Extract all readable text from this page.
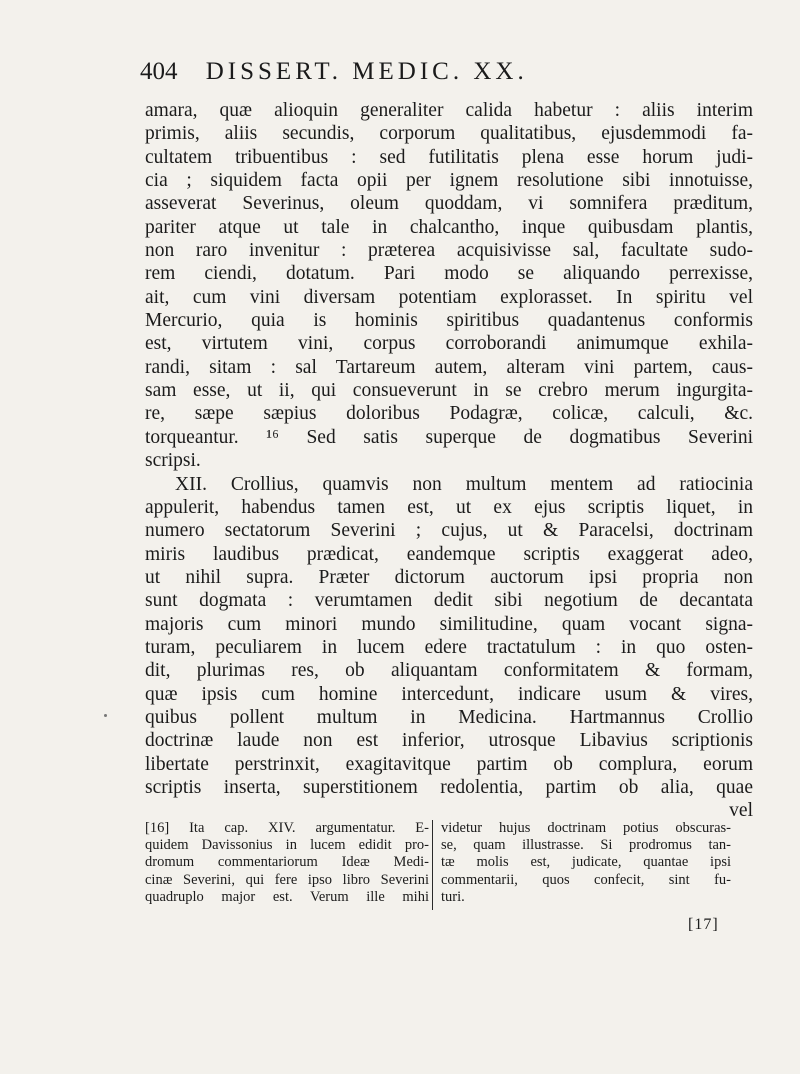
404 DISSERT. MEDIC. XX.
amara, quæ alioquin generaliter calida habetur : aliis interim
primis, aliis secundis, corporum qualitatibus, ejusdemmodi fa-
cultatem tribuentibus : sed futilitatis plena esse horum judi-
cia ; siquidem facta opii per ignem resolutione sibi innotuisse,
asseverat Severinus, oleum quoddam, vi somnifera præditum,
pariter atque ut tale in chalcantho, inque quibusdam plantis,
non raro invenitur : præterea acquisivisse sal, facultate sudo-
rem ciendi, dotatum. Pari modo se aliquando perrexisse,
ait, cum vini diversam potentiam explorasset. In spiritu vel
Mercurio, quia is hominis spiritibus quadantenus conformis
est, virtutem vini, corpus corroborandi animumque exhila-
randi, sitam : sal Tartareum autem, alteram vini partem, caus-
sam esse, ut ii, qui consueverunt in se crebro merum ingurgita-
re, sæpe sæpius doloribus Podagræ, colicæ, calculi, &c.
torqueantur. ¹⁶ Sed satis superque de dogmatibus Severini
scripsi.
XII. Crollius, quamvis non multum mentem ad ratiocinia
appulerit, habendus tamen est, ut ex ejus scriptis liquet, in
numero sectatorum Severini ; cujus, ut & Paracelsi, doctrinam
miris laudibus prædicat, eandemque scriptis exaggerat adeo,
ut nihil supra. Præter dictorum auctorum ipsi propria non
sunt dogmata : verumtamen dedit sibi negotium de decantata
majoris cum minori mundo similitudine, quam vocant signa-
turam, peculiarem in lucem edere tractatulum : in quo osten-
dit, plurimas res, ob aliquantam conformitatem & formam,
quæ ipsis cum homine intercedunt, indicare usum & vires,
quibus pollent multum in Medicina. Hartmannus Crollio
doctrinæ laude non est inferior, utrosque Libavius scriptionis
libertate perstrinxit, exagitavitque partim ob complura, eorum
scriptis inserta, superstitionem redolentia, partim ob alia, quae
vel
[16] Ita cap. XIV. argumentatur. E-
quidem Davissonius in lucem edidit pro-
dromum commentariorum Ideæ Medi-
cinæ Severini, qui fere ipso libro Severini
quadruplo major est. Verum ille mihi
videtur hujus doctrinam potius obscuras-
se, quam illustrasse. Si prodromus tan-
tæ molis est, judicate, quantae ipsi
commentarii, quos confecit, sint fu-
turi.
[17]
